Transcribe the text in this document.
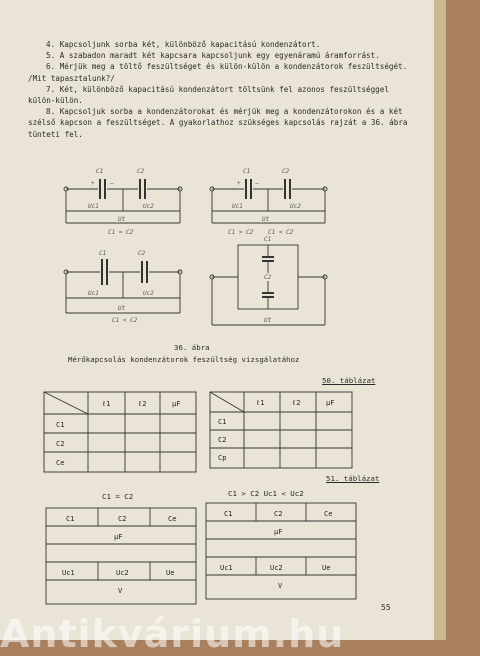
4. Kapcsoljunk sorba két, különböző kapacitású kondenzátort.

5. A szabadon maradt két kapcsara kapcsoljunk egy egyenáramú áramforrást.

6. Mérjük meg a töltő feszültséget és külön-külön a kondenzátorok feszültségét. /Mit tapasztalunk?/

7. Két, különböző kapacitású kondenzátort töltsünk fel azonos feszültséggel külön-külön.

8. Kapcsoljuk sorba a kondenzátorokat és mérjük meg a kondenzátorokon és a két szélső kapcson a feszültséget. A gyakorlathoz szükséges kapcsolás rajzát a 36. ábra tünteti fel.

C1	C2
+	−
Uc1	Uc2
Ut
C1 = C2
C1	C2
+ −
Uc1	Uc2
Ut
C1 > C2 C1 < C2
C1	C2
Uc1	Uc2
Ut
C1 < C2
C1
C2
Ut
36. ábra
Mérőkapcsolás kondenzátorok feszültség vizsgálatához
50. táblázat
ℓ1	ℓ2	μF
C1
C2
Ce
ℓ1	ℓ2	μF
C1
C2
Cp
51. táblázat
C1 = C2	C1 > C2 Uc1 < Uc2
C1	C2	Ce
μF
Uc1	Uc2	Ue
V
C1	C2	Ce
μF
Uc1	Uc2	Ue
V
55
Antikvárium.hu
